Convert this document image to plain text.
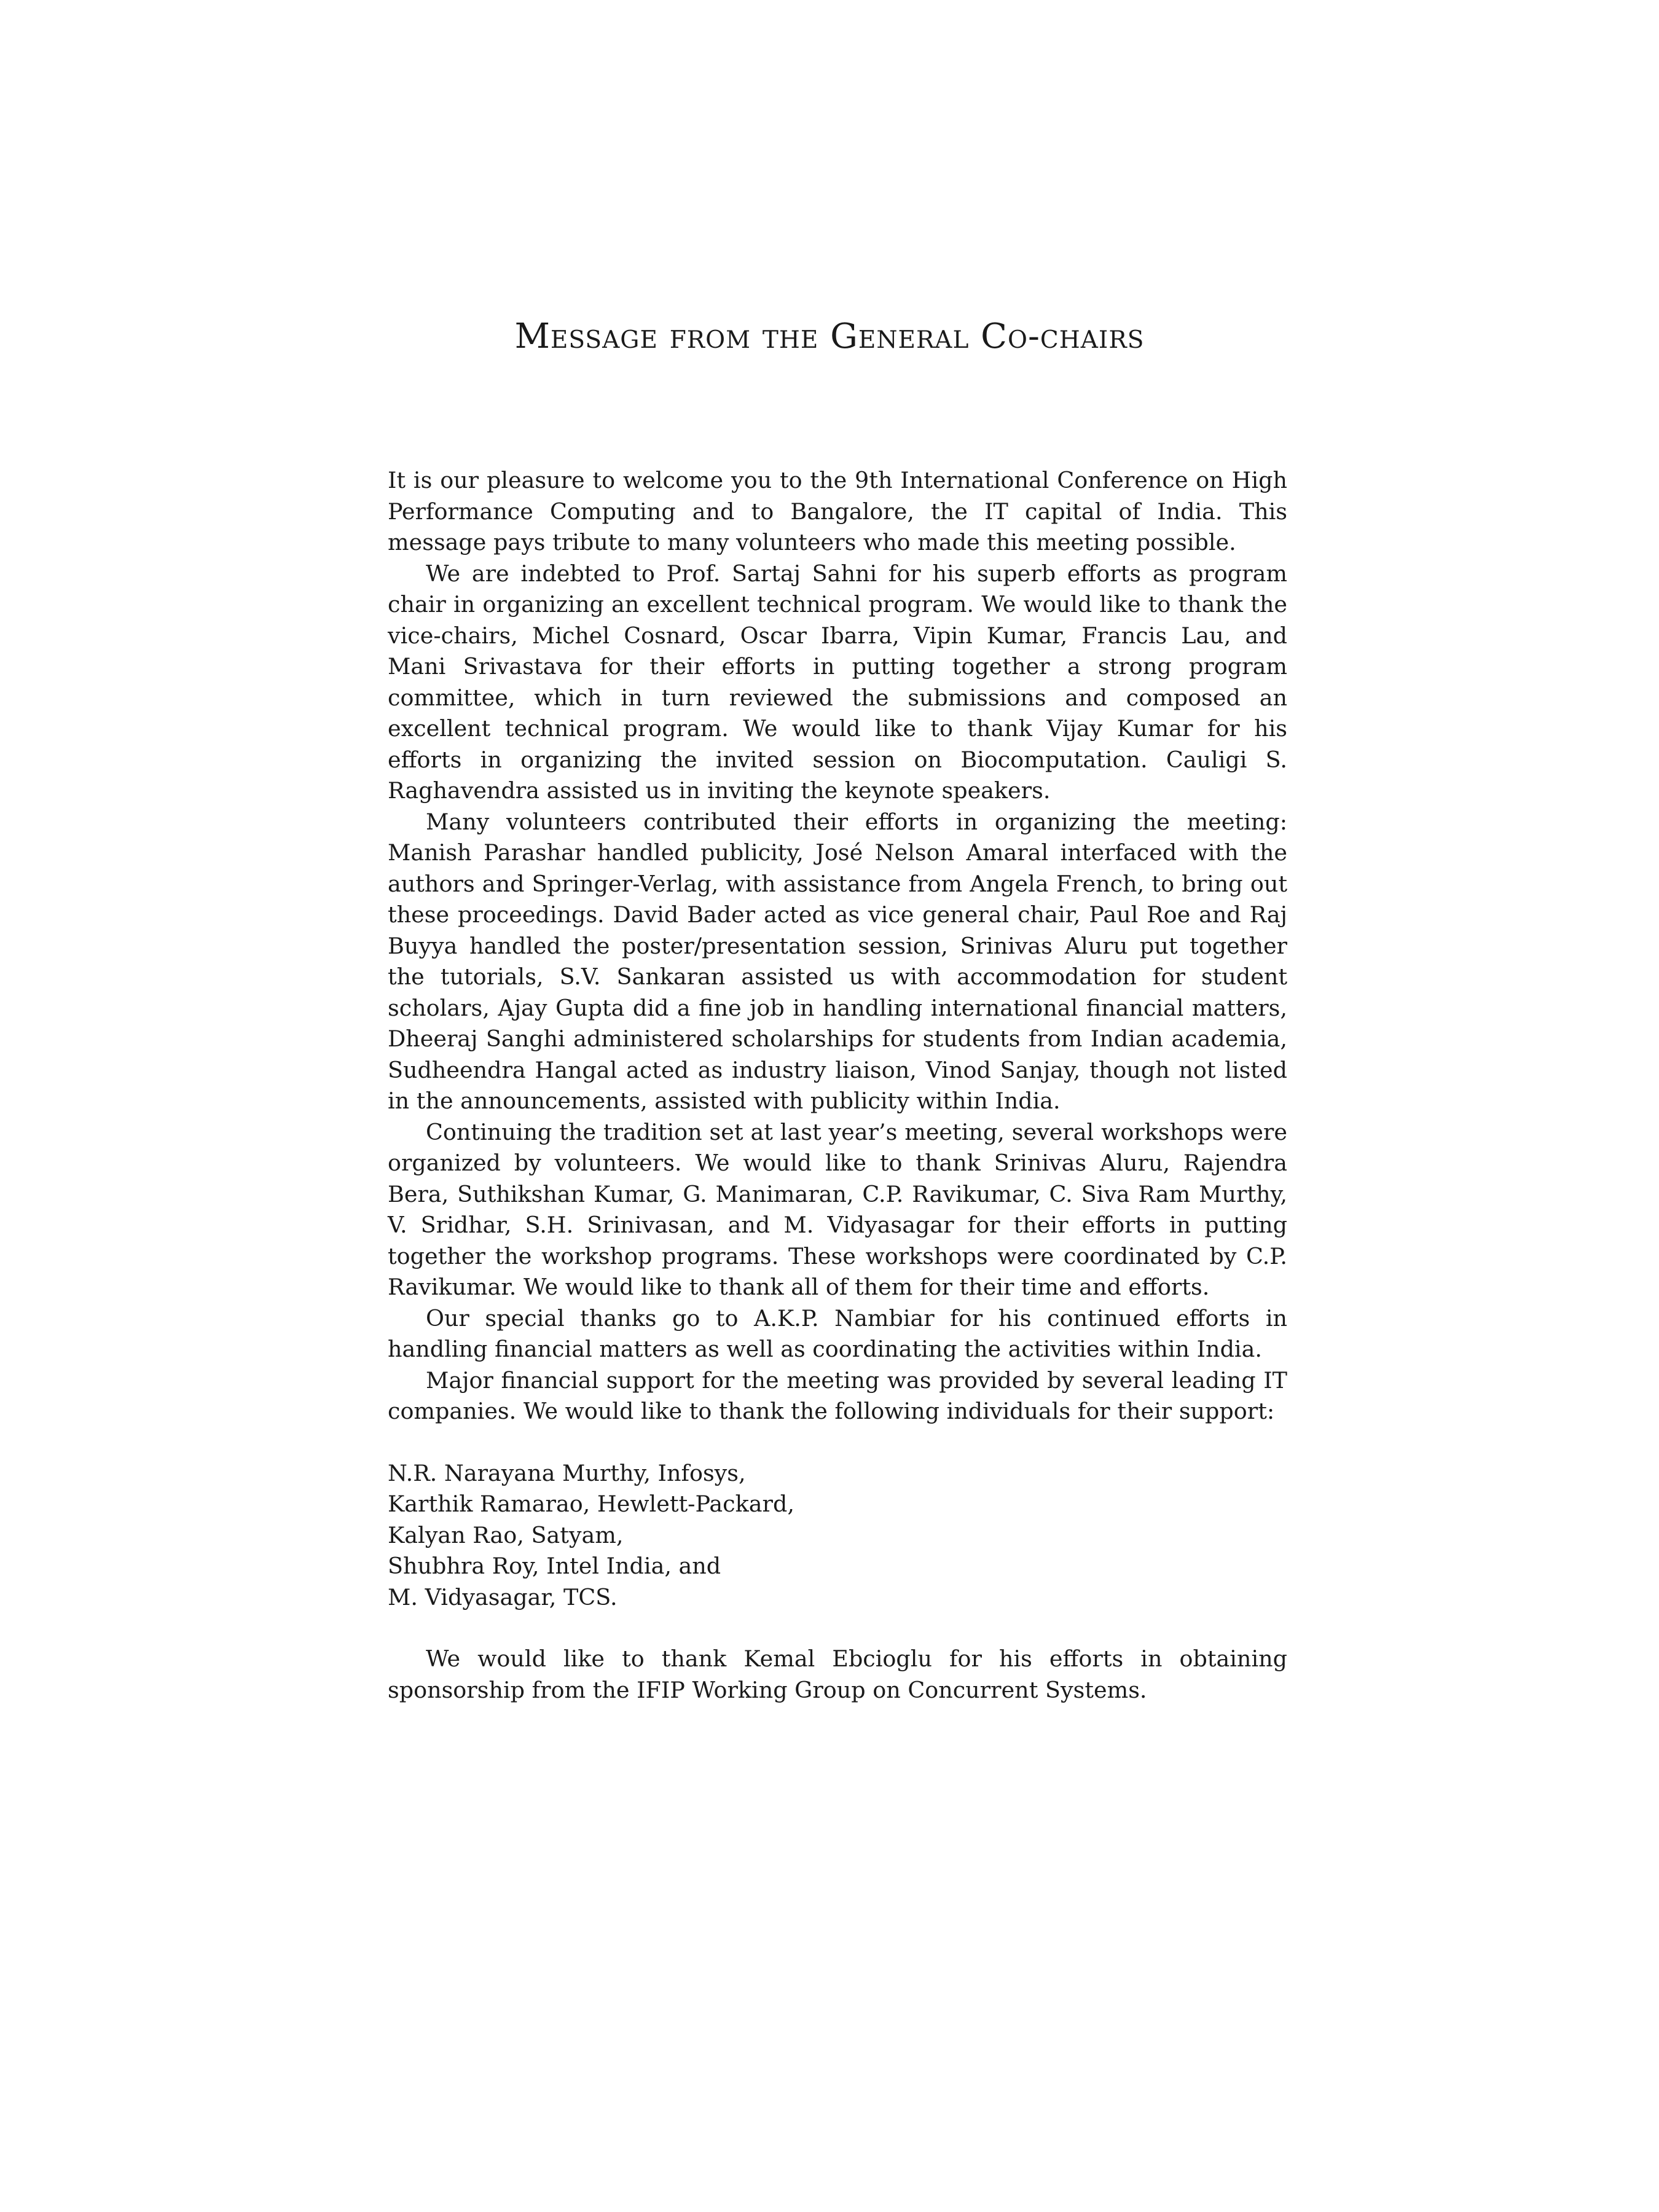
Message from the General Co-chairs

It is our pleasure to welcome you to the 9th International Conference on High Performance Computing and to Bangalore, the IT capital of India. This message pays tribute to many volunteers who made this meeting possible.

We are indebted to Prof. Sartaj Sahni for his superb efforts as program chair in organizing an excellent technical program. We would like to thank the vice-chairs, Michel Cosnard, Oscar Ibarra, Vipin Kumar, Francis Lau, and Mani Srivastava for their efforts in putting together a strong program committee, which in turn reviewed the submissions and composed an excellent technical program. We would like to thank Vijay Kumar for his efforts in organizing the invited session on Biocomputation. Cauligi S. Raghavendra assisted us in inviting the keynote speakers.

Many volunteers contributed their efforts in organizing the meeting: Manish Parashar handled publicity, José Nelson Amaral interfaced with the authors and Springer-Verlag, with assistance from Angela French, to bring out these proceedings. David Bader acted as vice general chair, Paul Roe and Raj Buyya handled the poster/presentation session, Srinivas Aluru put together the tutorials, S.V. Sankaran assisted us with accommodation for student scholars, Ajay Gupta did a fine job in handling international financial matters, Dheeraj Sanghi administered scholarships for students from Indian academia, Sudheendra Hangal acted as industry liaison, Vinod Sanjay, though not listed in the announcements, assisted with publicity within India.

Continuing the tradition set at last year’s meeting, several workshops were organized by volunteers. We would like to thank Srinivas Aluru, Rajendra Bera, Suthikshan Kumar, G. Manimaran, C.P. Ravikumar, C. Siva Ram Murthy, V. Sridhar, S.H. Srinivasan, and M. Vidyasagar for their efforts in putting together the workshop programs. These workshops were coordinated by C.P. Ravikumar. We would like to thank all of them for their time and efforts.

Our special thanks go to A.K.P. Nambiar for his continued efforts in handling financial matters as well as coordinating the activities within India.

Major financial support for the meeting was provided by several leading IT companies. We would like to thank the following individuals for their support:

N.R. Narayana Murthy, Infosys,
Karthik Ramarao, Hewlett-Packard,
Kalyan Rao, Satyam,
Shubhra Roy, Intel India, and
M. Vidyasagar, TCS.

We would like to thank Kemal Ebcioglu for his efforts in obtaining sponsorship from the IFIP Working Group on Concurrent Systems.
